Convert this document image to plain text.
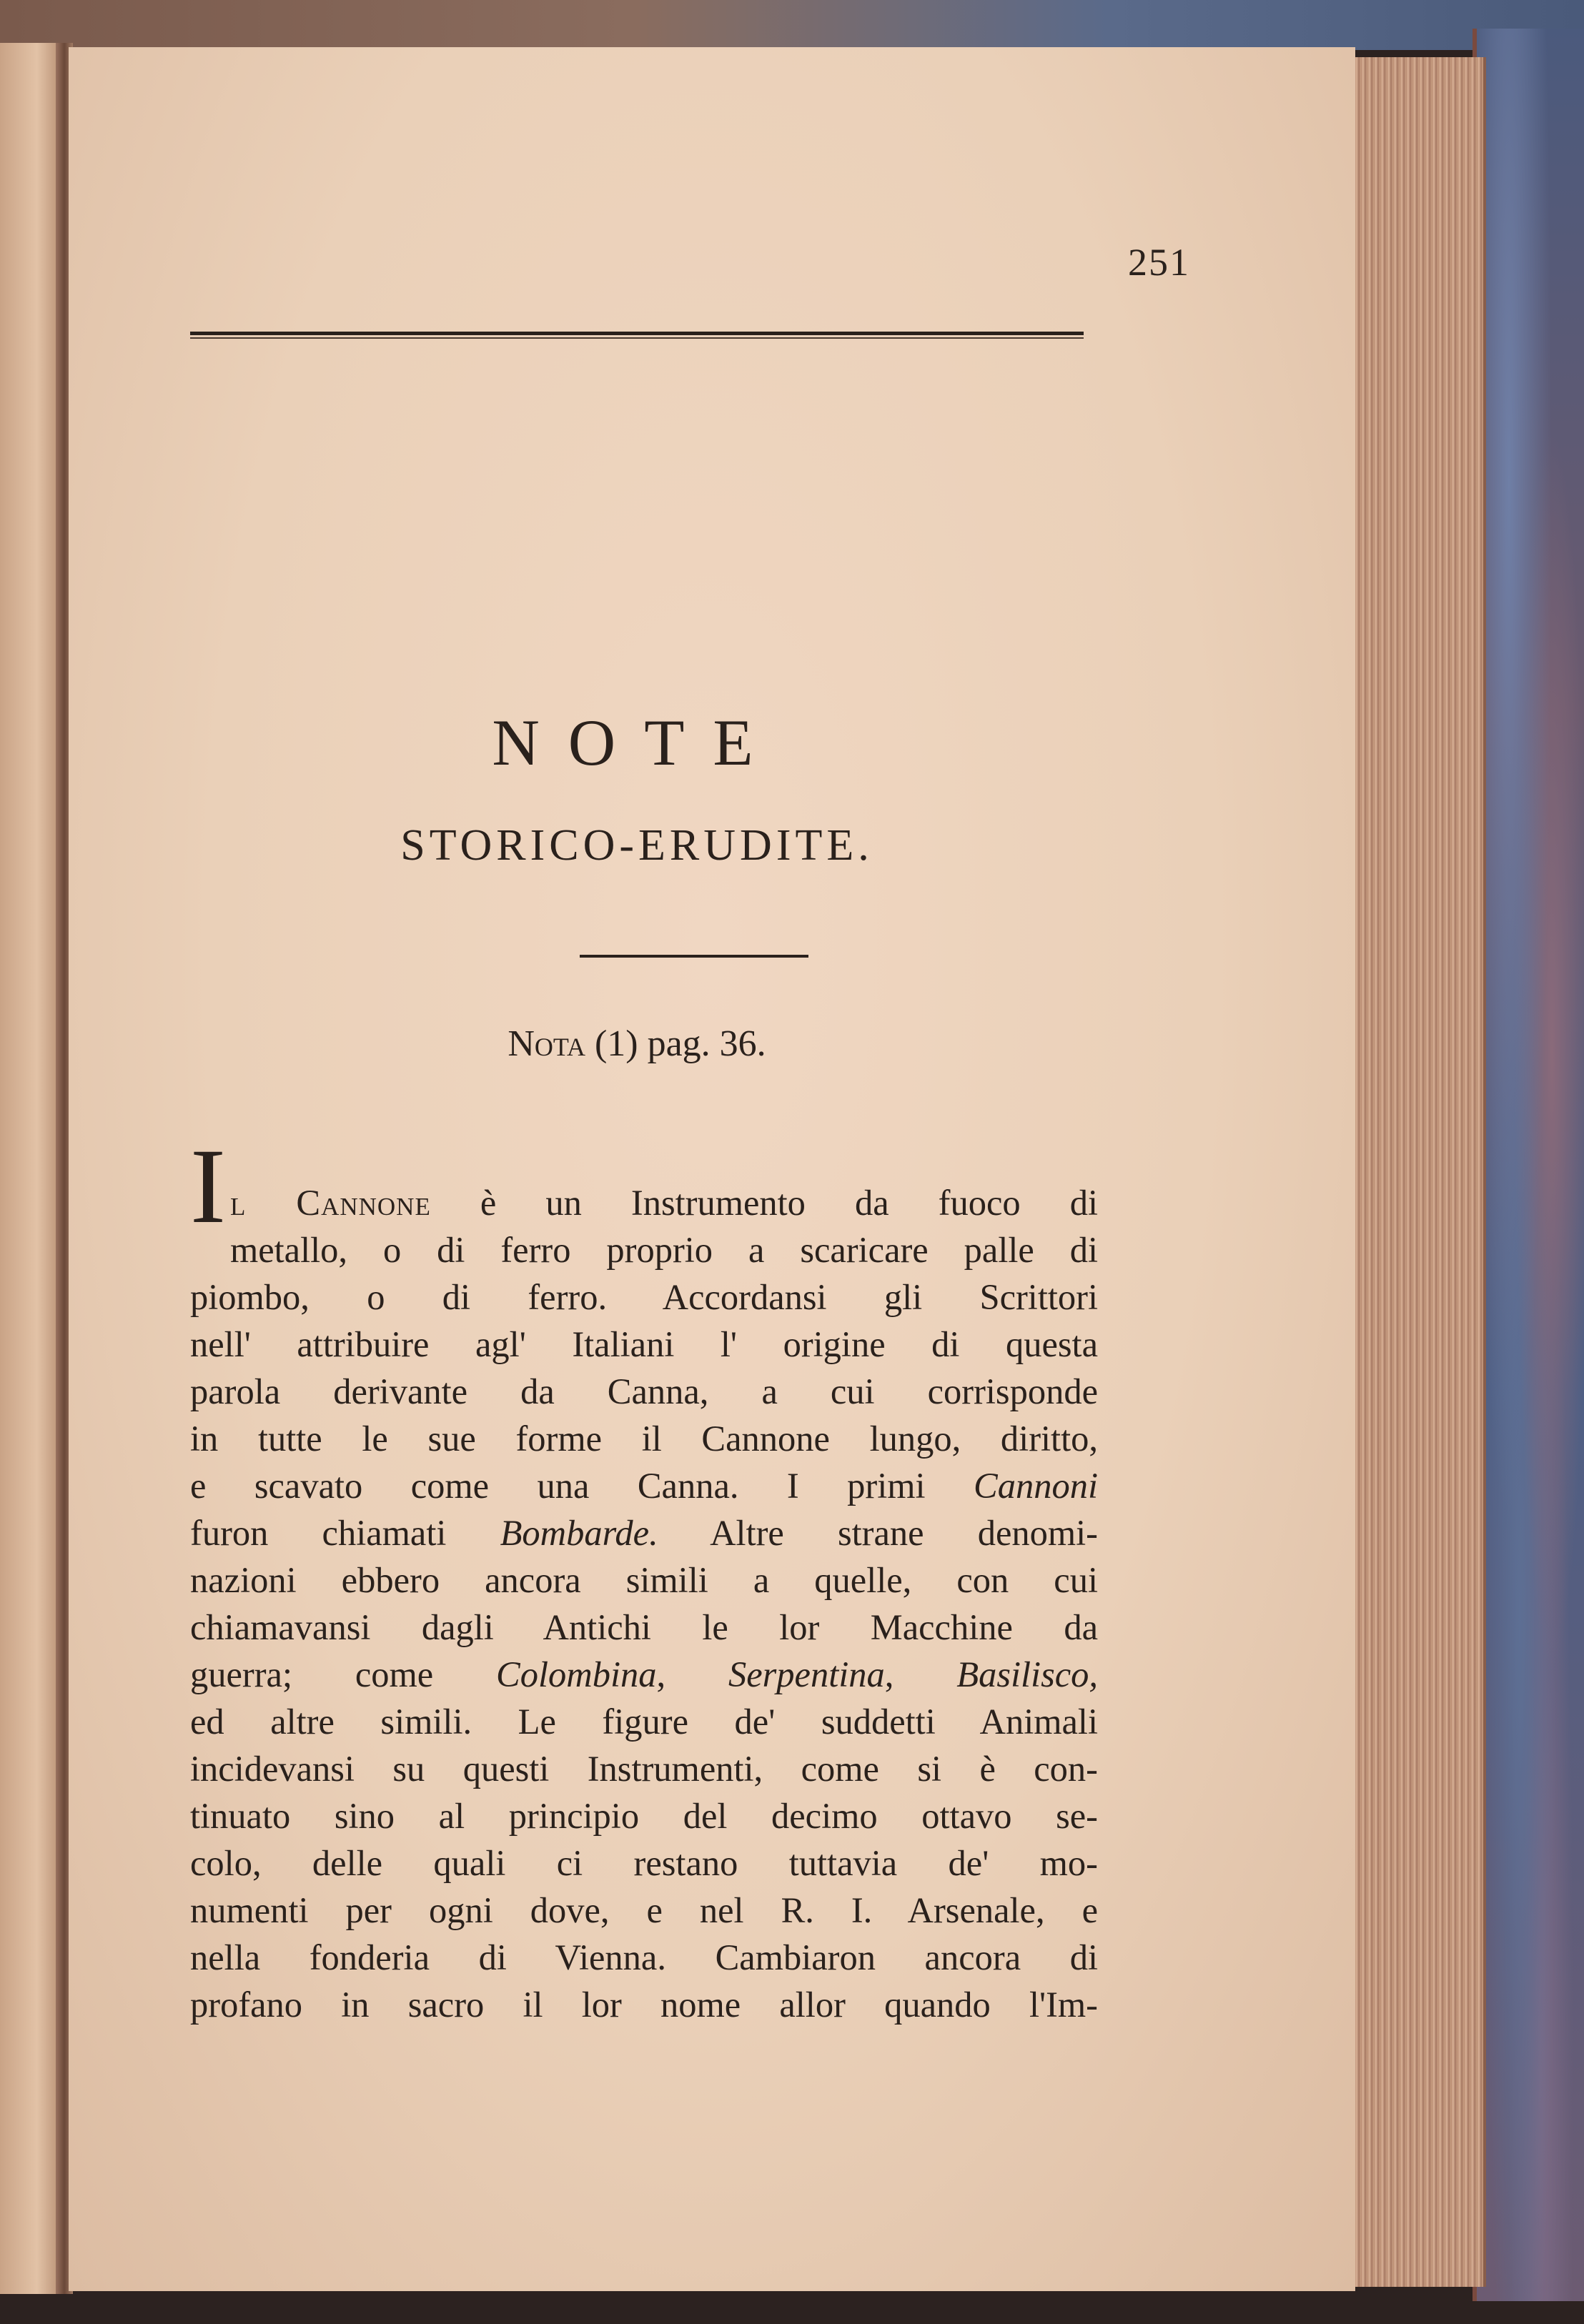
251
NOTE
STORICO-ERUDITE.
Nota (1) pag. 36.
I l Cannone è un Instrumento da fuoco di
metallo, o di ferro proprio a scaricare palle di
piombo, o di ferro. Accordansi gli Scrittori
nell' attribuire agl' Italiani l' origine di questa
parola derivante da Canna, a cui corrisponde
in tutte le sue forme il Cannone lungo, diritto,
e scavato come una Canna. I primi Cannoni
furon chiamati Bombarde. Altre strane denomi-
nazioni ebbero ancora simili a quelle, con cui
chiamavansi dagli Antichi le lor Macchine da
guerra; come Colombina, Serpentina, Basilisco,
ed altre simili. Le figure de' suddetti Animali
incidevansi su questi Instrumenti, come si è con-
tinuato sino al principio del decimo ottavo se-
colo, delle quali ci restano tuttavia de' mo-
numenti per ogni dove, e nel R. I. Arsenale, e
nella fonderia di Vienna. Cambiaron ancora di
profano in sacro il lor nome allor quando l'Im-
